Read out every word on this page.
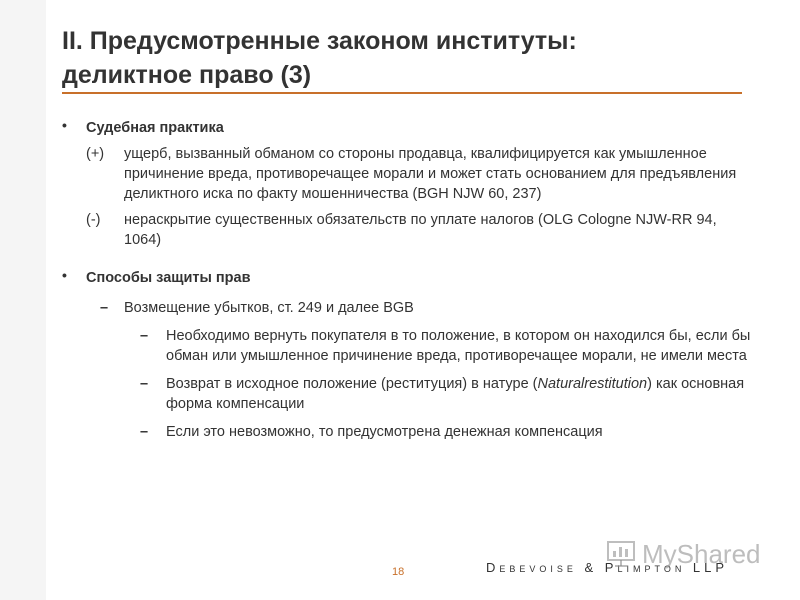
II. Предусмотренные законом институты:
деликтное право (3)
• Судебная практика
(+)	ущерб, вызванный обманом со стороны продавца, квалифицируется как умышленное причинение вреда, противоречащее морали и может стать основанием для предъявления деликтного иска по факту мошенничества (BGH NJW 60, 237)
(-)	нераскрытие существенных обязательств по уплате налогов (OLG Cologne NJW-RR 94, 1064)
• Способы защиты прав
–	Возмещение убытков, ст. 249 и далее BGB
–	Необходимо вернуть покупателя в то положение, в котором он находился бы, если бы обман или умышленное причинение вреда, противоречащее морали, не имели места
–	Возврат в исходное положение (реституция) в натуре (Naturalrestitution) как основная форма компенсации
–	Если это невозможно, то предусмотрена денежная компенсация
18	Debevoise & Plimpton LLP
MyShared
